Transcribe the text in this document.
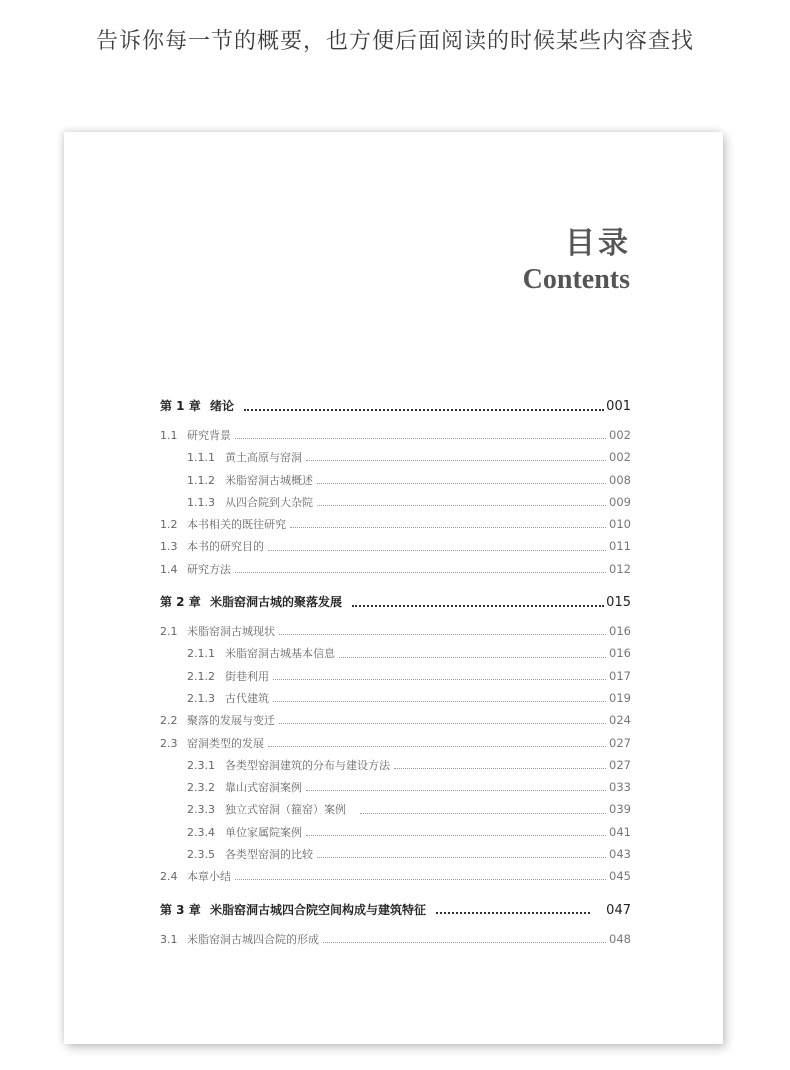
告诉你每一节的概要，也方便后面阅读的时候某些内容查找
目录
Contents
第 1 章 绪论	001
1.1 研究背景	002
1.1.1 黄土高原与窑洞	002
1.1.2 米脂窑洞古城概述	008
1.1.3 从四合院到大杂院	009
1.2 本书相关的既往研究	010
1.3 本书的研究目的	011
1.4 研究方法	012
第 2 章 米脂窑洞古城的聚落发展	015
2.1 米脂窑洞古城现状	016
2.1.1 米脂窑洞古城基本信息	016
2.1.2 街巷利用	017
2.1.3 古代建筑	019
2.2 聚落的发展与变迁	024
2.3 窑洞类型的发展	027
2.3.1 各类型窑洞建筑的分布与建设方法	027
2.3.2 靠山式窑洞案例	033
2.3.3 独立式窑洞（箍窑）案例	039
2.3.4 单位家属院案例	041
2.3.5 各类型窑洞的比较	043
2.4 本章小结	045
第 3 章 米脂窑洞古城四合院空间构成与建筑特征	047
3.1 米脂窑洞古城四合院的形成	048
